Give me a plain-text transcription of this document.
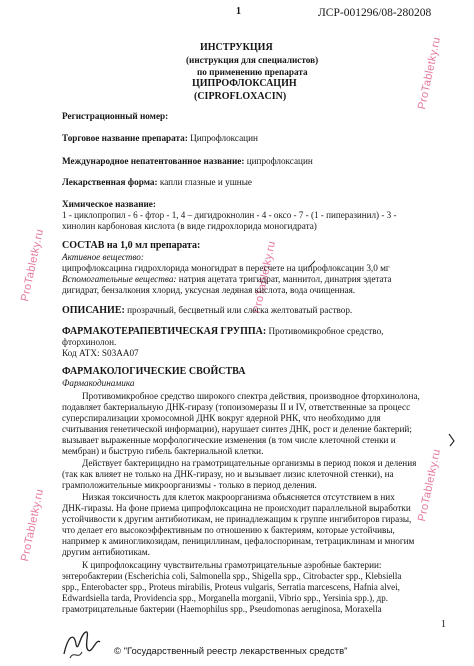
ProTabletky.ru
ProTabletky.ru
ProTabletky.ru
ProTabletky.ru
ProTabletky.ru
1	ЛСР-001296/08-280208
ИНСТРУКЦИЯ
(инструкция для специалистов)
по применению препарата
ЦИПРОФЛОКСАЦИН
(CIPROFLOXACIN)
Регистрационный номер:
Торговое название препарата: Ципрофлоксацин
Международное непатентованное название: ципрофлоксацин
Лекарственная форма: капли глазные и ушные
Химическое название:
1 - циклопропил - 6 - фтор - 1, 4 – дигидрокнолин - 4 - оксо - 7 - (1 - пиперазинил) - 3 -
хинолин карбоновая кислота (в виде гидрохлорида моногидрата)
СОСТАВ на 1,0 мл препарата:
Активное вещество:
ципрофлоксацина гидрохлорида моногидрат в пересчете на ципрофлоксацин 3,0 мг
Вспомогательные вещества: натрия ацетата тригидрат, маннитол, динатрия эдетата
дигидрат, бензалкония хлорид, уксусная ледяная кислота, вода очищенная.
ОПИСАНИЕ: прозрачный, бесцветный или слегка желтоватый раствор.
ФАРМАКОТЕРАПЕВТИЧЕСКАЯ ГРУППА: Противомикробное средство,
фторхинолон.
Код АТХ: S03AA07
ФАРМАКОЛОГИЧЕСКИЕ СВОЙСТВА
Фармакодинамика
Противомикробное средство широкого спектра действия, производное фторхинолона,
подавляет бактериальную ДНК-гиразу (топоизомеразы II и IV, ответственные за процесс
суперспирализации хромосомной ДНК вокруг ядерной РНК, что необходимо для
считывания генетической информации), нарушает синтез ДНК, рост и деление бактерий;
вызывает выраженные морфологические изменения (в том числе клеточной стенки и
мембран) и быструю гибель бактериальной клетки.
Действует бактерицидно на грамотрицательные организмы в период покоя и деления
(так как влияет не только на ДНК-гиразу, но и вызывает лизис клеточной стенки), на
грамположительные микроорганизмы - только в период деления.
Низкая токсичность для клеток макроорганизма объясняется отсутствием в них
ДНК-гиразы. На фоне приема ципрофлоксацина не происходит параллельной выработки
устойчивости к другим антибиотикам, не принадлежащим к группе ингибиторов гиразы,
что делает его высокоэффективным по отношению к бактериям, которые устойчивы,
например к аминогликозидам, пенициллинам, цефалоспоринам, тетрациклинам и многим
другим антибиотикам.
К ципрофлоксацину чувствительны грамотрицательные аэробные бактерии:
энтеробактерии (Escherichia coli, Salmonella spp., Shigella spp., Citrobacter spp., Klebsiella
spp., Enterobacter spp., Proteus mirabilis, Proteus vulgaris, Serratia marcescens, Hafnia alvei,
Edwardsiella tarda, Providencia spp., Morganella morganii, Vibrio spp., Yersinia spp.), др.
грамотрицательные бактерии (Haemophilus spp., Pseudomonas aeruginosa, Moraxella
1
© "Государственный реестр лекарственных средств"
